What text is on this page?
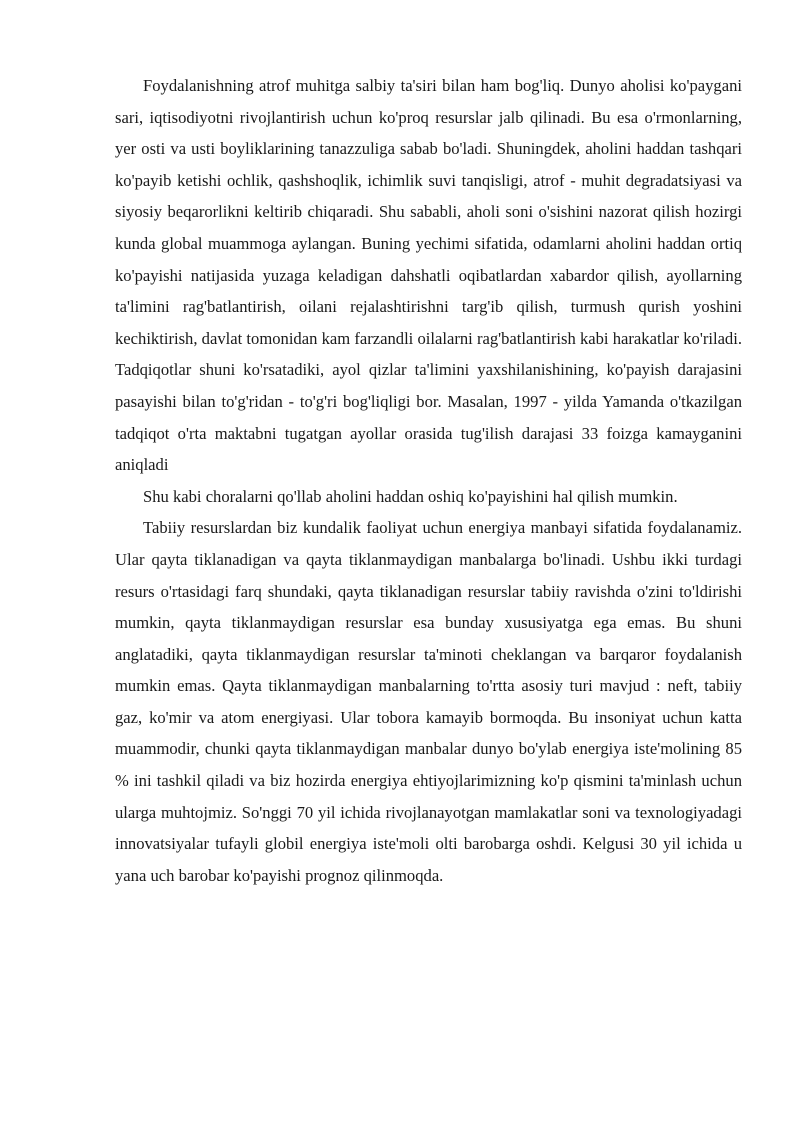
Foydalanishning atrof muhitga salbiy ta'siri bilan ham bog'liq. Dunyo aholisi ko'paygani sari, iqtisodiyotni rivojlantirish uchun ko'proq resurslar jalb qilinadi. Bu esa o'rmonlarning, yer osti va usti boyliklarining tanazzuliga sabab bo'ladi. Shuningdek, aholini haddan tashqari ko'payib ketishi ochlik, qashshoqlik, ichimlik suvi tanqisligi, atrof - muhit degradatsiyasi va siyosiy beqarorlikni keltirib chiqaradi. Shu sababli, aholi soni o'sishini nazorat qilish hozirgi kunda global muammoga aylangan. Buning yechimi sifatida, odamlarni aholini haddan ortiq ko'payishi natijasida yuzaga keladigan dahshatli oqibatlardan xabardor qilish, ayollarning ta'limini rag'batlantirish, oilani rejalashtirishni targ'ib qilish, turmush qurish yoshini kechiktirish, davlat tomonidan kam farzandli oilalarni rag'batlantirish kabi harakatlar ko'riladi. Tadqiqotlar shuni ko'rsatadiki, ayol qizlar ta'limini yaxshilanishining, ko'payish darajasini pasayishi bilan to'g'ridan - to'g'ri bog'liqligi bor. Masalan, 1997 - yilda Yamanda o'tkazilgan tadqiqot o'rta maktabni tugatgan ayollar orasida tug'ilish darajasi 33 foizga kamayganini aniqladi

Shu kabi choralarni qo'llab aholini haddan oshiq ko'payishini hal qilish mumkin.

Tabiiy resurslardan biz kundalik faoliyat uchun energiya manbayi sifatida foydalanamiz. Ular qayta tiklanadigan va qayta tiklanmaydigan manbalarga bo'linadi. Ushbu ikki turdagi resurs o'rtasidagi farq shundaki, qayta tiklanadigan resurslar tabiiy ravishda o'zini to'ldirishi mumkin, qayta tiklanmaydigan resurslar esa bunday xususiyatga ega emas. Bu shuni anglatadiki, qayta tiklanmaydigan resurslar ta'minoti cheklangan va barqaror foydalanish mumkin emas. Qayta tiklanmaydigan manbalarning to'rtta asosiy turi mavjud : neft, tabiiy gaz, ko'mir va atom energiyasi. Ular tobora kamayib bormoqda. Bu insoniyat uchun katta muammodir, chunki qayta tiklanmaydigan manbalar dunyo bo'ylab energiya iste'molining 85 % ini tashkil qiladi va biz hozirda energiya ehtiyojlarimizning ko'p qismini ta'minlash uchun ularga muhtojmiz. So'nggi 70 yil ichida rivojlanayotgan mamlakatlar soni va texnologiyadagi innovatsiyalar tufayli globil energiya iste'moli olti barobarga oshdi. Kelgusi 30 yil ichida u yana uch barobar ko'payishi prognoz qilinmoqda.
